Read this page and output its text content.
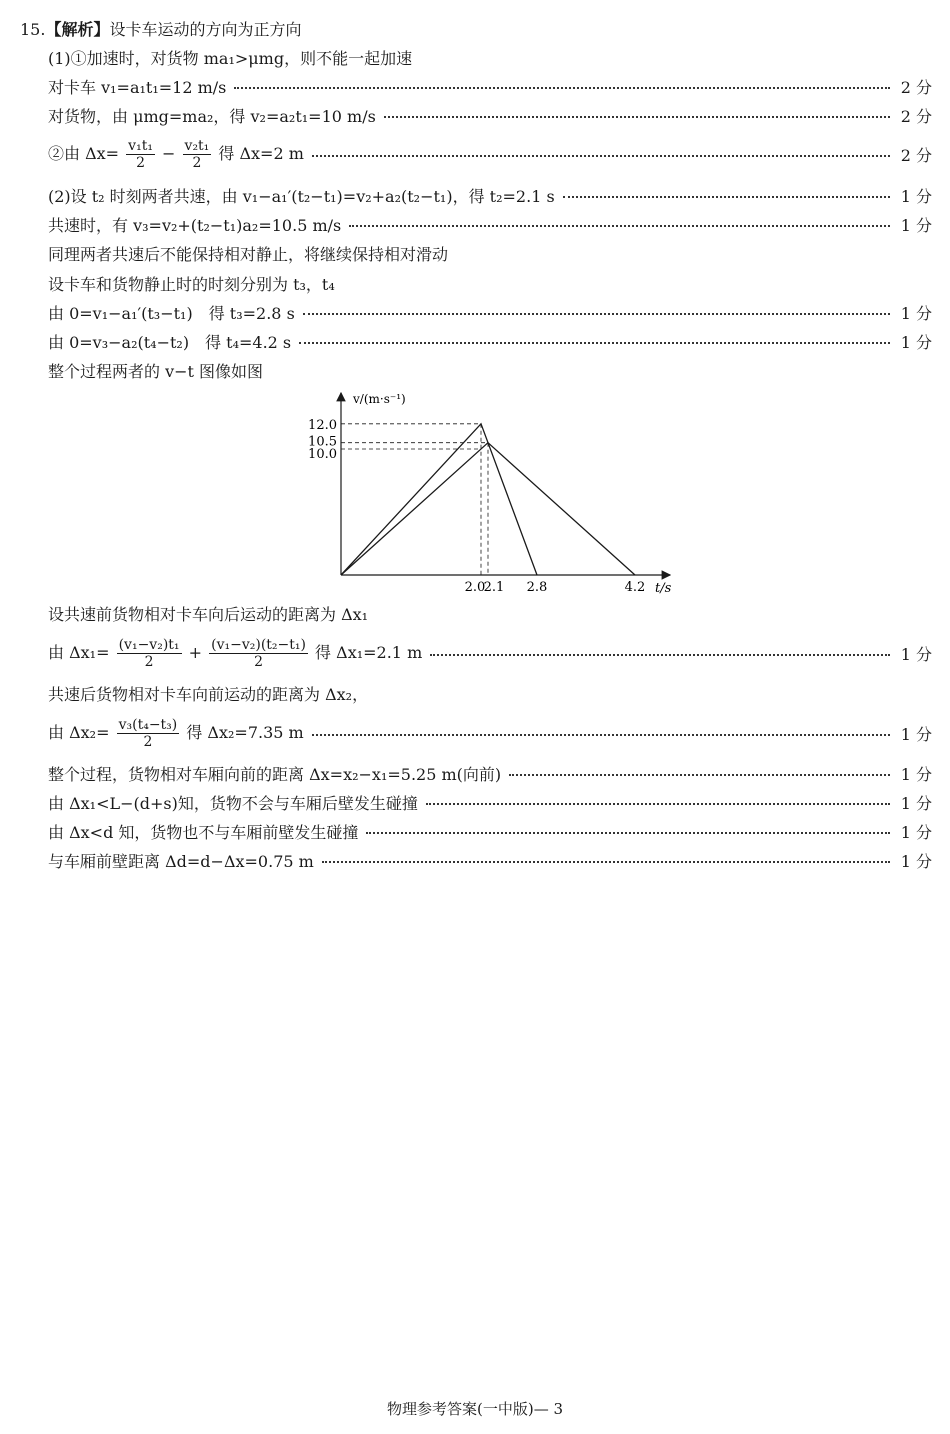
15.【解析】设卡车运动的方向为正方向
(1)①加速时，对货物 ma₁>μmg，则不能一起加速
对卡车 v₁=a₁t₁=12 m/s	2 分
对货物，由 μmg=ma₂，得 v₂=a₂t₁=10 m/s	2 分
②由 $\Delta x= \frac{\text{v₁t₁}}{2} - \frac{\text{v₂t₁}}{2}$ 得 Δx=2 m	2 分
(2)设 t₂ 时刻两者共速，由 v₁−a₁′(t₂−t₁)=v₂+a₂(t₂−t₁)，得 t₂=2.1 s	1 分
共速时，有 v₃=v₂+(t₂−t₁)a₂=10.5 m/s	1 分
同理两者共速后不能保持相对静止，将继续保持相对滑动
设卡车和货物静止时的时刻分别为 t₃，t₄
由 0=v₁−a₁′(t₃−t₁)　得 t₃=2.8 s	1 分
由 0=v₃−a₂(t₄−t₂)　得 t₄=4.2 s	1 分
整个过程两者的 v−t 图像如图
v/(m·s⁻¹)
t/s
12.0
10.5
10.0
2.0
2.1 2.8	4.2
设共速前货物相对卡车向后运动的距离为 Δx₁
由 $\Delta x_1= \frac{\text{(v₁−v₂)t₁}}{2} + \frac{\text{(v₁−v₂)(t₂−t₁)}}{2}$ 得 Δx₁=2.1 m	1 分
共速后货物相对卡车向前运动的距离为 Δx₂，
由 $\Delta x_2= \frac{\text{v₃(t₄−t₃)}}{2}$ 得 Δx₂=7.35 m	1 分
整个过程，货物相对车厢向前的距离 Δx=x₂−x₁=5.25 m(向前)	1 分
由 Δx₁<L−(d+s)知，货物不会与车厢后壁发生碰撞	1 分
由 Δx<d 知，货物也不与车厢前壁发生碰撞	1 分
与车厢前壁距离 Δd=d−Δx=0.75 m	1 分
物理参考答案(一中版)— 3
